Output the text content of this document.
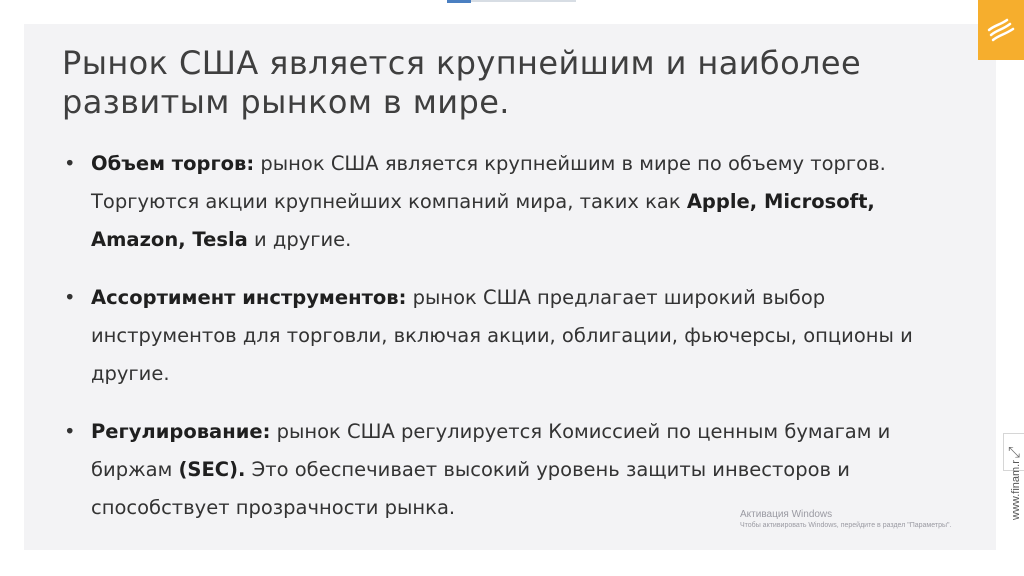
Рынок США является крупнейшим и наиболее развитым рынком в мире.
• Объем торгов: рынок США является крупнейшим в мире по объему торгов. Торгуются акции крупнейших компаний мира, таких как Apple, Microsoft, Amazon, Tesla и другие.
• Ассортимент инструментов: рынок США предлагает широкий выбор инструментов для торговли, включая акции, облигации, фьючерсы, опционы и другие.
• Регулирование: рынок США регулируется Комиссией по ценным бумагам и биржам (SEC). Это обеспечивает высокий уровень защиты инвесторов и способствует прозрачности рынка.	Активация Windows
Чтобы активировать Windows, перейдите в раздел "Параметры".
⤡
www.finam.r
